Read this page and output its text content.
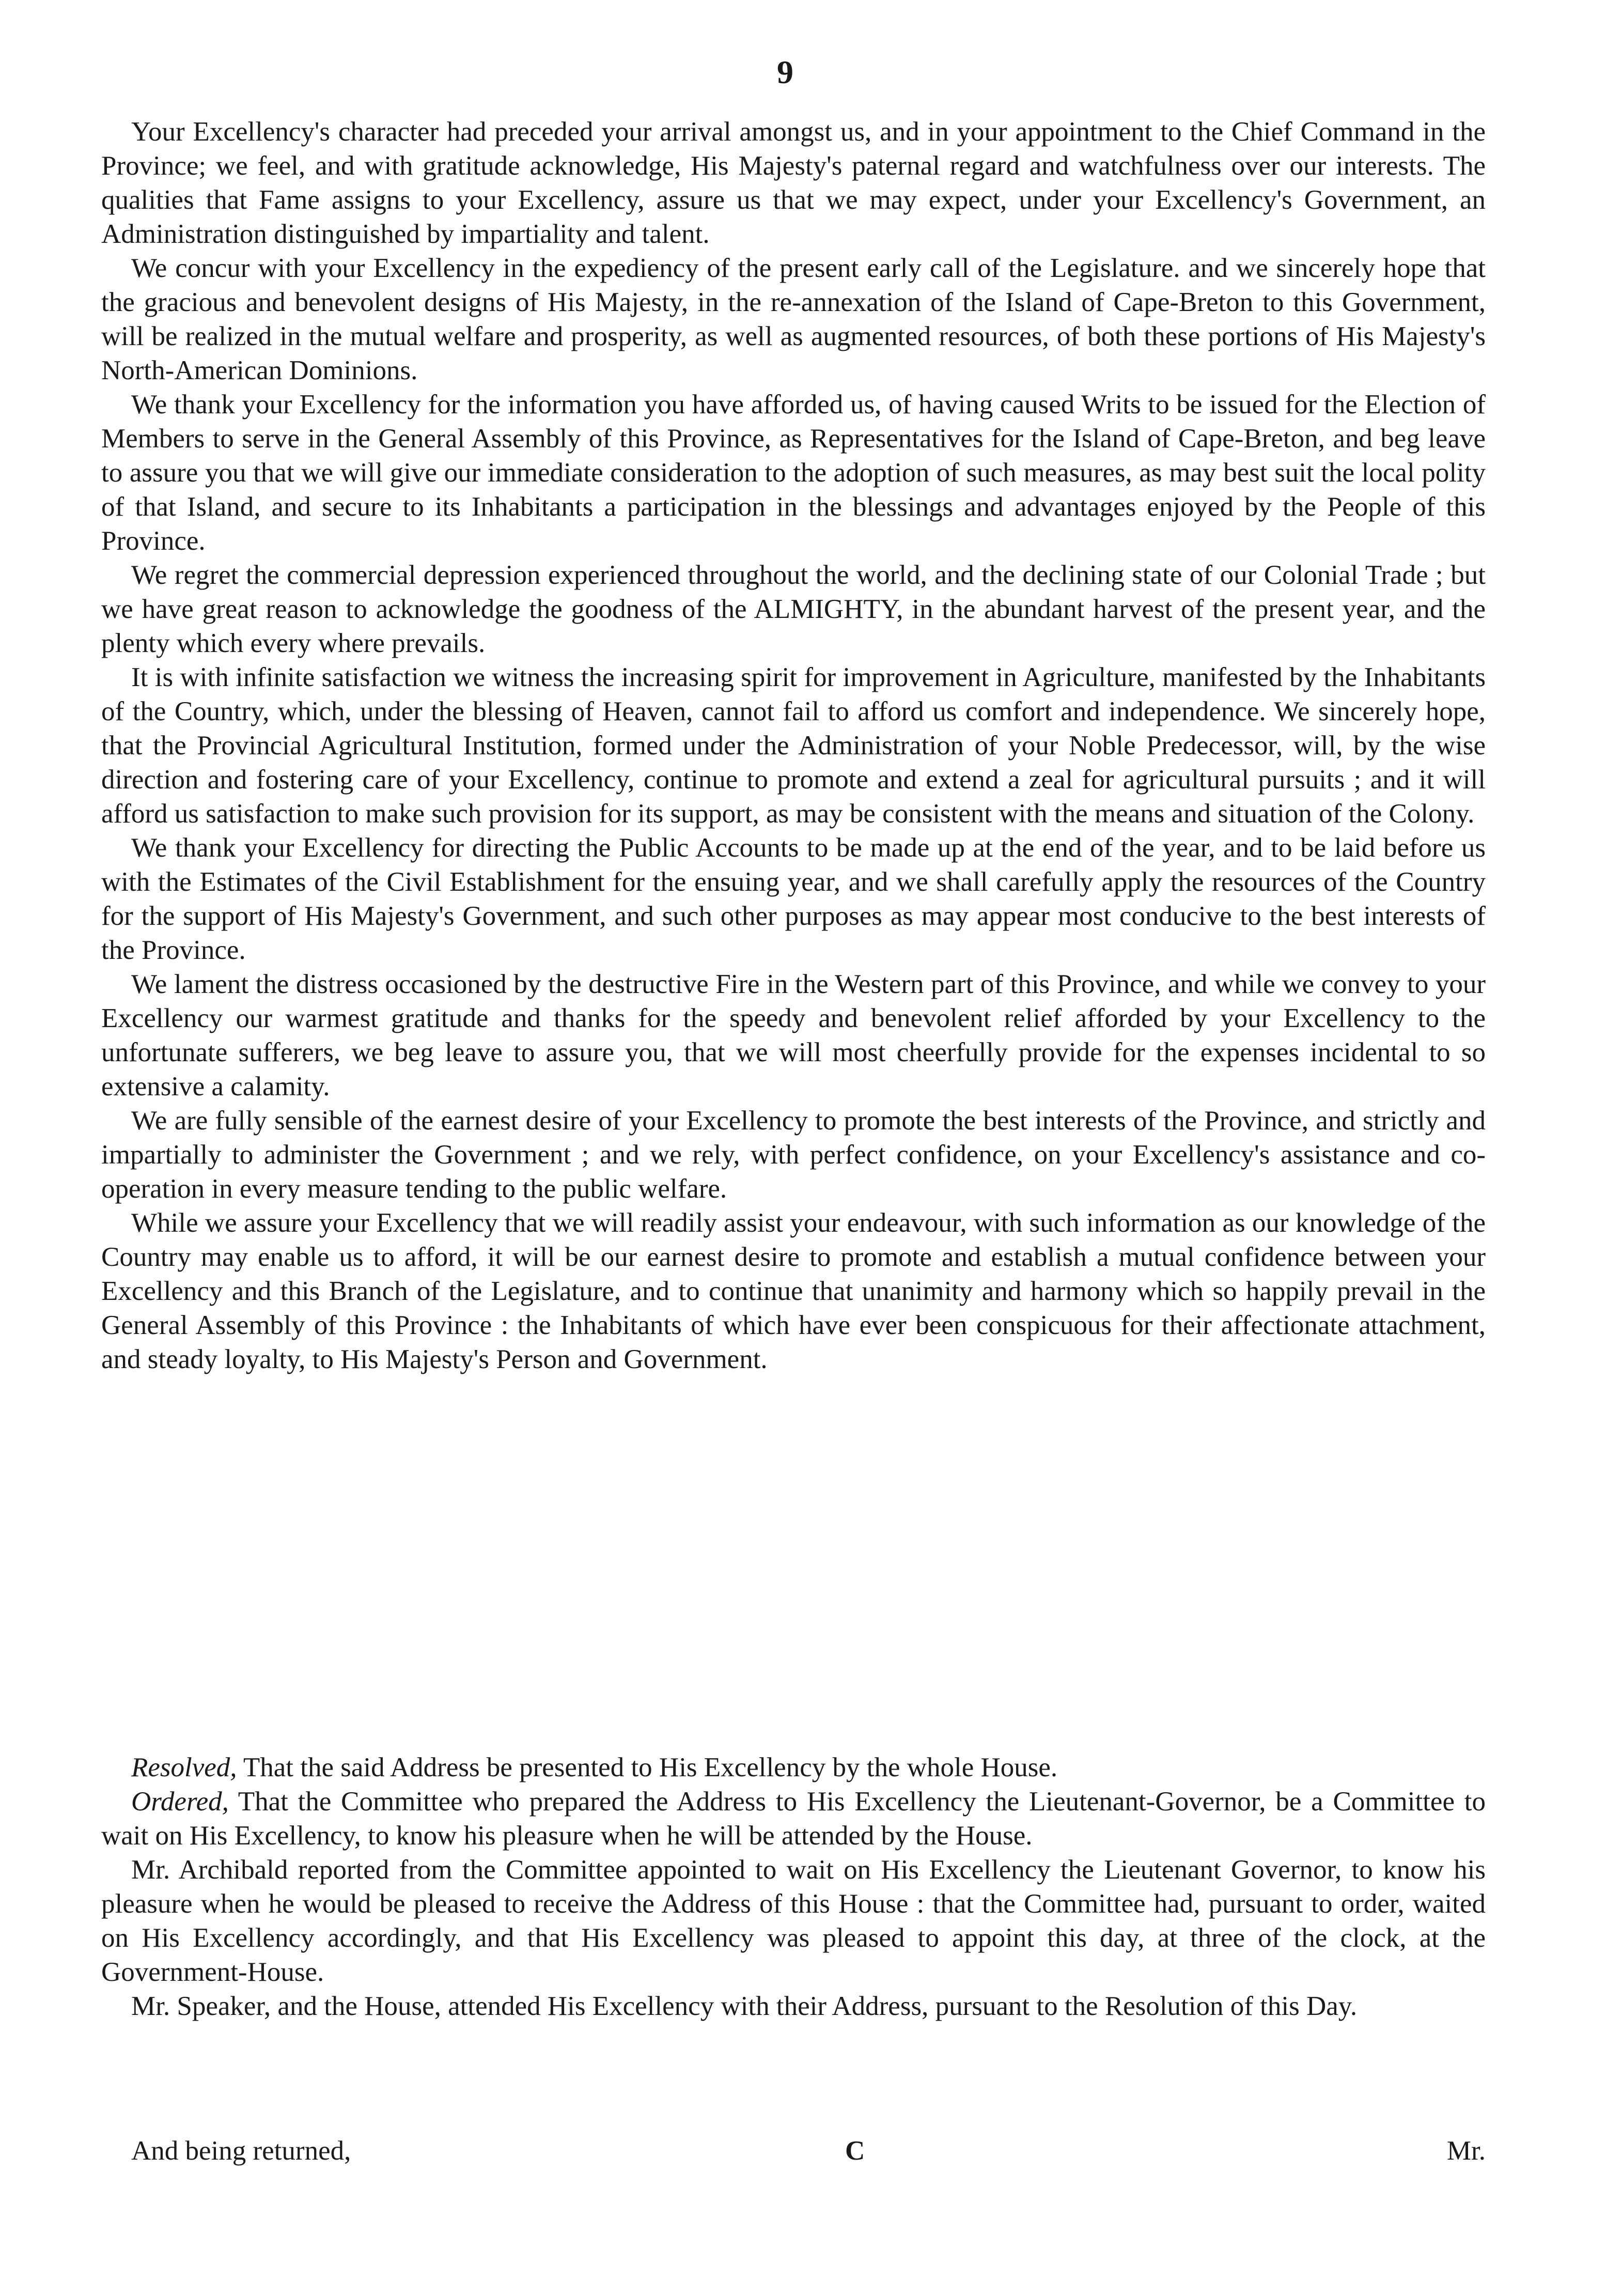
9

Your Excellency's character had preceded your arrival amongst us, and in your appointment to the Chief Command in the Province; we feel, and with gratitude acknowledge, His Majesty's paternal regard and watchfulness over our interests. The qualities that Fame assigns to your Excellency, assure us that we may expect, under your Excellency's Government, an Administration distinguished by impartiality and talent.

We concur with your Excellency in the expediency of the present early call of the Legislature. and we sincerely hope that the gracious and benevolent designs of His Majesty, in the re-annexation of the Island of Cape-Breton to this Government, will be realized in the mutual welfare and prosperity, as well as augmented resources, of both these portions of His Majesty's North-American Dominions.

We thank your Excellency for the information you have afforded us, of having caused Writs to be issued for the Election of Members to serve in the General Assembly of this Province, as Representatives for the Island of Cape-Breton, and beg leave to assure you that we will give our immediate consideration to the adoption of such measures, as may best suit the local polity of that Island, and secure to its Inhabitants a participation in the blessings and advantages enjoyed by the People of this Province.

We regret the commercial depression experienced throughout the world, and the declining state of our Colonial Trade ; but we have great reason to acknowledge the goodness of the ALMIGHTY, in the abundant harvest of the present year, and the plenty which every where prevails.

It is with infinite satisfaction we witness the increasing spirit for improvement in Agriculture, manifested by the Inhabitants of the Country, which, under the blessing of Heaven, cannot fail to afford us comfort and independence. We sincerely hope, that the Provincial Agricultural Institution, formed under the Administration of your Noble Predecessor, will, by the wise direction and fostering care of your Excellency, continue to promote and extend a zeal for agricultural pursuits ; and it will afford us satisfaction to make such provision for its support, as may be consistent with the means and situation of the Colony.

We thank your Excellency for directing the Public Accounts to be made up at the end of the year, and to be laid before us with the Estimates of the Civil Establishment for the ensuing year, and we shall carefully apply the resources of the Country for the support of His Majesty's Government, and such other purposes as may appear most conducive to the best interests of the Province.

We lament the distress occasioned by the destructive Fire in the Western part of this Province, and while we convey to your Excellency our warmest gratitude and thanks for the speedy and benevolent relief afforded by your Excellency to the unfortunate sufferers, we beg leave to assure you, that we will most cheerfully provide for the expenses incidental to so extensive a calamity.

We are fully sensible of the earnest desire of your Excellency to promote the best interests of the Province, and strictly and impartially to administer the Government ; and we rely, with perfect confidence, on your Excellency's assistance and co-operation in every measure tending to the public welfare.

While we assure your Excellency that we will readily assist your endeavour, with such information as our knowledge of the Country may enable us to afford, it will be our earnest desire to promote and establish a mutual confidence between your Excellency and this Branch of the Legislature, and to continue that unanimity and harmony which so happily prevail in the General Assembly of this Province : the Inhabitants of which have ever been conspicuous for their affectionate attachment, and steady loyalty, to His Majesty's Person and Government.

Resolved, That the said Address be presented to His Excellency by the whole House.

Ordered, That the Committee who prepared the Address to His Excellency the Lieutenant-Governor, be a Committee to wait on His Excellency, to know his pleasure when he will be attended by the House.

Mr. Archibald reported from the Committee appointed to wait on His Excellency the Lieutenant Governor, to know his pleasure when he would be pleased to receive the Address of this House : that the Committee had, pursuant to order, waited on His Excellency accordingly, and that His Excellency was pleased to appoint this day, at three of the clock, at the Government-House.

Mr. Speaker, and the House, attended His Excellency with their Address, pursuant to the Resolution of this Day.

And being returned,	C	Mr.
